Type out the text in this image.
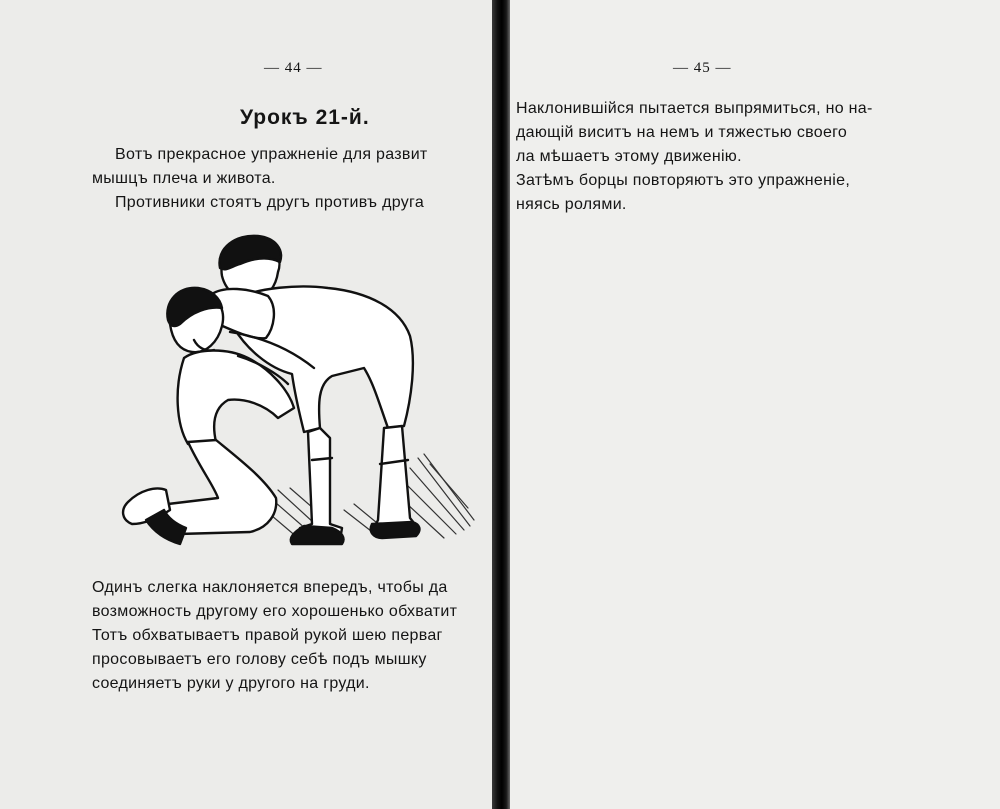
— 44 —
Урокъ 21-й.
Вотъ прекрасное упражненіе для развит
мышцъ плеча и живота.
Противники стоятъ другъ противъ друга
Одинъ слегка наклоняется впередъ, чтобы да
возможность другому его хорошенько обхватит
Тотъ обхватываетъ правой рукой шею перваг
просовываетъ его голову себѣ подъ мышку
соединяетъ руки у другого на груди.
— 45 —
Наклонившійся пытается выпрямиться, но на-
дающій виситъ на немъ и тяжестью своего
ла мѣшаетъ этому движенію.
Затѣмъ борцы повторяютъ это упражненіе,
няясь ролями.
